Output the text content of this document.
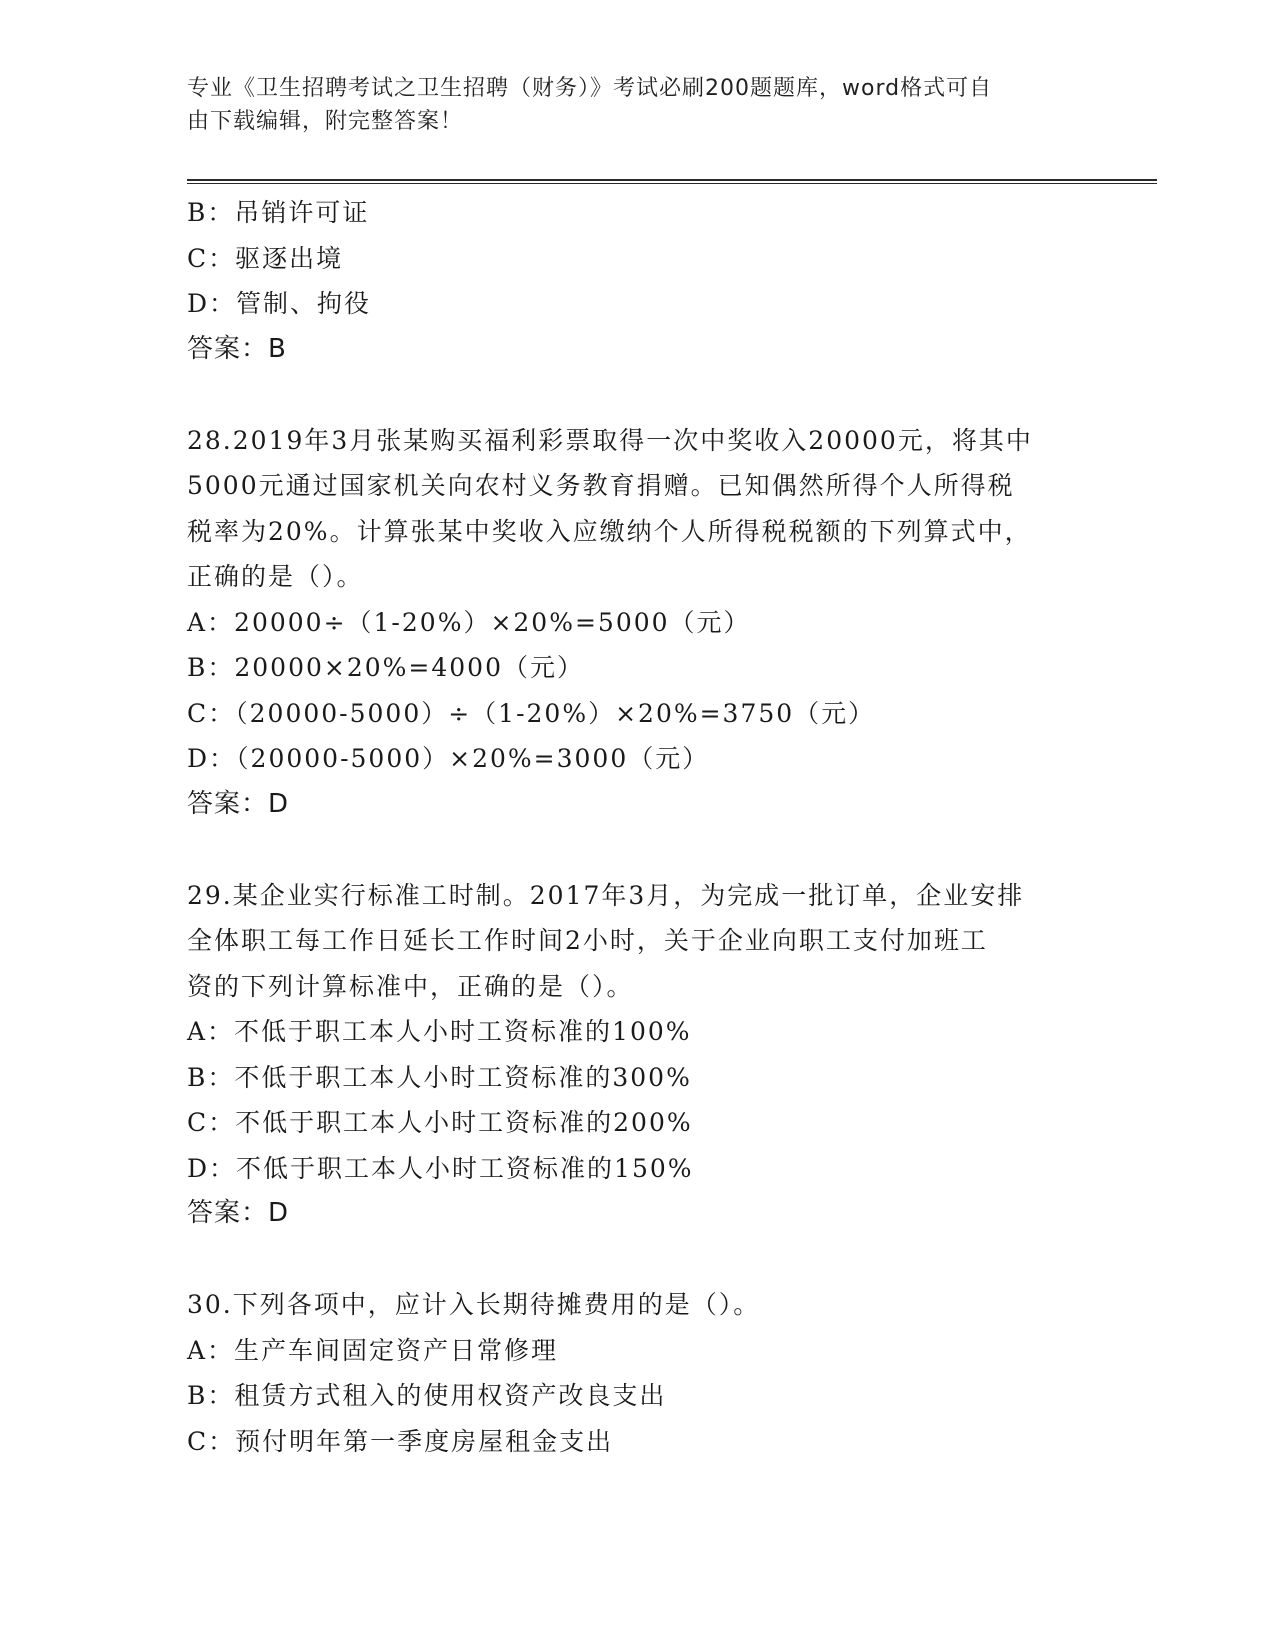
专业《卫生招聘考试之卫生招聘（财务）》考试必刷200题题库，word格式可自
由下载编辑，附完整答案！
B：吊销许可证
C：驱逐出境
D：管制、拘役
答案：B
28.2019年3月张某购买福利彩票取得一次中奖收入20000元，将其中
5000元通过国家机关向农村义务教育捐赠。已知偶然所得个人所得税
税率为20%。计算张某中奖收入应缴纳个人所得税税额的下列算式中，
正确的是（）。
A：20000÷（1-20%）×20%=5000（元）
B：20000×20%=4000（元）
C：（20000-5000）÷（1-20%）×20%=3750（元）
D：（20000-5000）×20%=3000（元）
答案：D
29.某企业实行标准工时制。2017年3月，为完成一批订单，企业安排
全体职工每工作日延长工作时间2小时，关于企业向职工支付加班工
资的下列计算标准中，正确的是（）。
A：不低于职工本人小时工资标准的100%
B：不低于职工本人小时工资标准的300%
C：不低于职工本人小时工资标准的200%
D：不低于职工本人小时工资标准的150%
答案：D
30.下列各项中，应计入长期待摊费用的是（）。
A：生产车间固定资产日常修理
B：租赁方式租入的使用权资产改良支出
C：预付明年第一季度房屋租金支出
